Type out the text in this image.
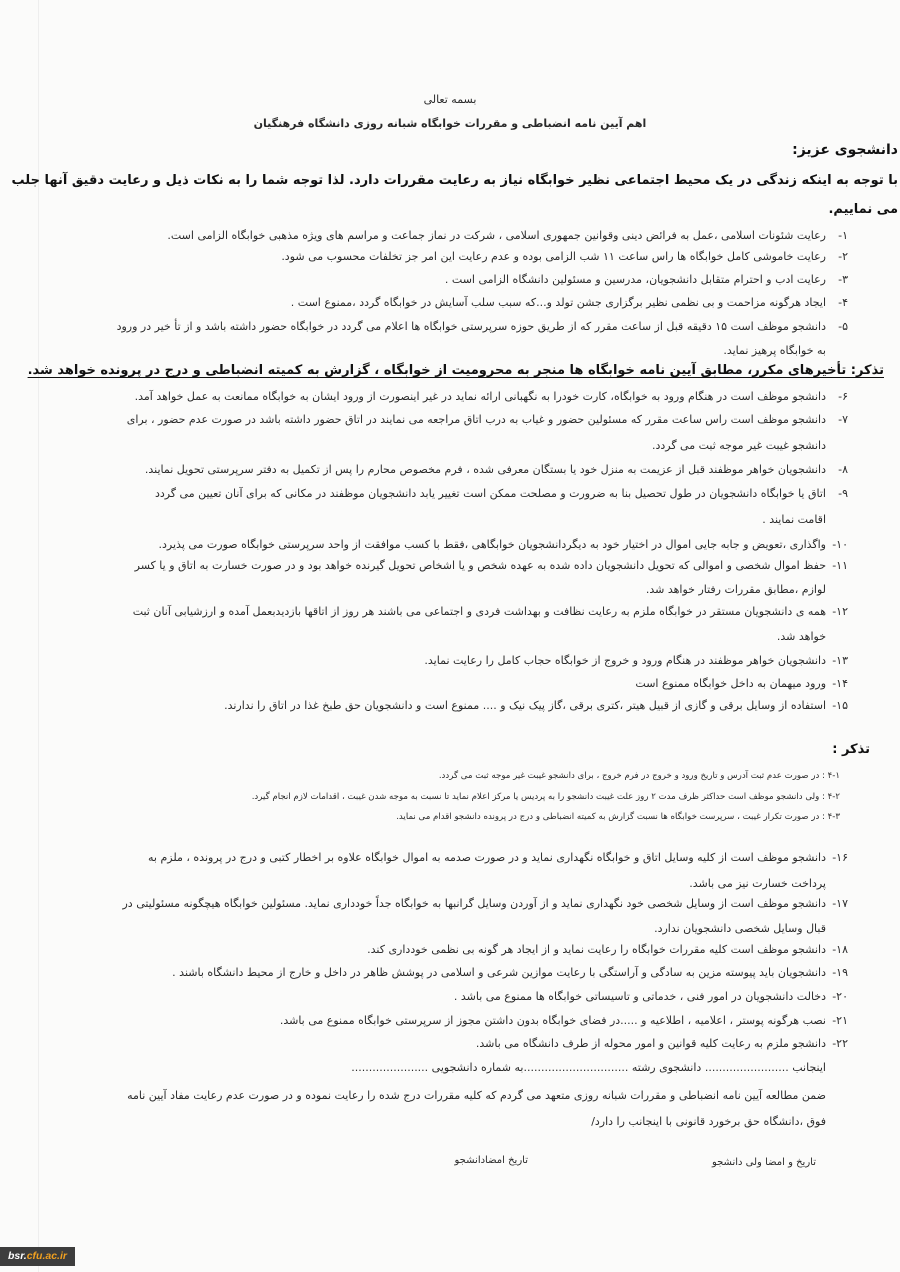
بسمه تعالی
اهم آیین نامه انضباطی و مقررات خوابگاه شبانه روزی دانشگاه فرهنگیان
دانشجوی عزیز:
با توجه به اینکه زندگی در یک محیط اجتماعی نظیر خوابگاه نیاز به رعایت مقررات دارد. لذا توجه شما را به نکات ذیل و رعایت دقیق آنها جلب می نماییم.
۱-
رعایت شئونات اسلامی ،عمل به فرائض دینی وقوانین جمهوری اسلامی ، شرکت در نماز جماعت و مراسم های ویژه مذهبی خوابگاه الزامی است.
۲-
رعایت خاموشی کامل خوابگاه ها راس ساعت ۱۱ شب الزامی بوده و عدم رعایت این امر جز تخلفات محسوب می شود.
۳-
رعایت ادب و احترام متقابل دانشجویان، مدرسین و مسئولین دانشگاه الزامی است .
۴-
ایجاد هرگونه مزاحمت و بی نظمی نظیر برگزاری جشن تولد و...که سبب سلب آسایش در خوابگاه گردد ،ممنوع است .
۵-
دانشجو موظف است ۱۵ دقیقه قبل از ساعت مقرر که از طریق حوزه سرپرستی خوابگاه ها اعلام می گردد در خوابگاه حضور داشته باشد و از تأ خیر در ورود
به خوابگاه پرهیز نماید.
تذکر: تأخیرهای مکرر، مطابق آیین نامه خوابگاه ها منجر به محرومیت از خوابگاه ، گزارش به کمیته انضباطی و درج در پرونده خواهد شد.
۶-
دانشجو موظف است در هنگام ورود به خوابگاه، کارت خودرا به نگهبانی ارائه نماید در غیر اینصورت از ورود ایشان به خوابگاه ممانعت به عمل خواهد آمد.
۷-
دانشجو موظف است راس ساعت مقرر که مسئولین حضور و غیاب به درب اتاق مراجعه می نمایند در اتاق حضور داشته باشد در صورت عدم حضور ، برای
دانشجو غیبت غیر موجه ثبت می گردد.
۸-
دانشجویان خواهر موظفند قبل از عزیمت به منزل خود یا بستگان معرفی شده ، فرم مخصوص محارم را پس از تکمیل به دفتر سرپرستی تحویل نمایند.
۹-
اتاق یا خوابگاه دانشجویان در طول تحصیل بنا به ضرورت و مصلحت ممکن است تغییر یابد دانشجویان موظفند در مکانی که برای آنان تعیین می گردد
اقامت نمایند .
۱۰-
واگذاری ،تعویض و جابه جایی اموال در اختیار خود به دیگردانشجویان خوابگاهی ،فقط با کسب موافقت از واحد سرپرستی خوابگاه صورت می پذیرد.
۱۱-
حفظ اموال شخصی و اموالی که تحویل دانشجویان داده شده به عهده شخص و یا اشخاص تحویل گیرنده خواهد بود و در صورت خسارت به اتاق و یا کسر
لوازم ،مطابق مقررات رفتار خواهد شد.
۱۲-
همه ی دانشجویان مستقر در خوابگاه ملزم به رعایت نظافت و بهداشت فردی و اجتماعی می باشند هر روز از اتاقها بازدیدبعمل آمده و ارزشیابی آنان ثبت
خواهد شد.
۱۳-
دانشجویان خواهر موظفند در هنگام ورود و خروج از خوابگاه حجاب کامل را رعایت نماید.
۱۴-
ورود میهمان به داخل خوابگاه ممنوع است
۱۵-
استفاده از وسایل برقی و گازی از قبیل هیتر ،کتری برقی ،گاز پیک نیک و .... ممنوع است و دانشجویان حق طبخ غذا در اتاق را ندارند.
تذکر :
۴-۱ : در صورت عدم ثبت آدرس و تاریخ ورود و خروج در فرم خروج ، برای دانشجو غیبت غیر موجه ثبت می گردد.
۴-۲ : ولی دانشجو موظف است حداکثر ظرف مدت ۲ روز علت غیبت دانشجو را به پردیس یا مرکز اعلام نماید تا نسبت به موجه شدن غیبت ، اقدامات لازم انجام گیرد.
۴-۳ : در صورت تکرار غیبت ، سرپرست خوابگاه ها نسبت گزارش به کمیته انضباطی و درج در پرونده دانشجو اقدام می نماید.
۱۶-
دانشجو موظف است از کلیه وسایل اتاق و خوابگاه نگهداری نماید و در صورت صدمه به اموال خوابگاه علاوه بر اخطار کتبی و درج در پرونده ، ملزم به
پرداخت خسارت نیز می باشد.
۱۷-
دانشجو موظف است از وسایل شخصی خود نگهداری نماید و از آوردن وسایل گرانبها به خوابگاه جداً خودداری نماید. مسئولین خوابگاه هیچگونه مسئولیتی در
قبال وسایل شخصی دانشجویان ندارد.
۱۸-
دانشجو موظف است کلیه مقررات خوابگاه را رعایت نماید و از ایجاد هر گونه بی نظمی خودداری کند.
۱۹-
دانشجویان باید پیوسته مزین به سادگی و آراستگی با رعایت موازین شرعی و اسلامی در پوشش ظاهر در داخل و خارج از محیط دانشگاه باشند .
۲۰-
دخالت دانشجویان در امور فنی ، خدماتی و تاسیساتی خوابگاه ها ممنوع می باشد .
۲۱-
نصب هرگونه پوستر ، اعلامیه ، اطلاعیه و .....در فضای خوابگاه بدون داشتن مجوز از سرپرستی خوابگاه ممنوع می باشد.
۲۲-
دانشجو ملزم به رعایت کلیه قوانین و امور محوله از طرف دانشگاه می باشد.
اینجانب ........................ دانشجوی رشته ..............................به شماره دانشجویی ......................
ضمن مطالعه آیین نامه انضباطی و مقررات شبانه روزی متعهد می گردم که کلیه مقررات درج شده را رعایت نموده و در صورت عدم رعایت مفاد آیین نامه
فوق ،دانشگاه حق برخورد قانونی با اینجانب را دارد/
تاریخ و امضا ولی دانشجو
تاریخ امضادانشجو
bsr.cfu.ac.ir
